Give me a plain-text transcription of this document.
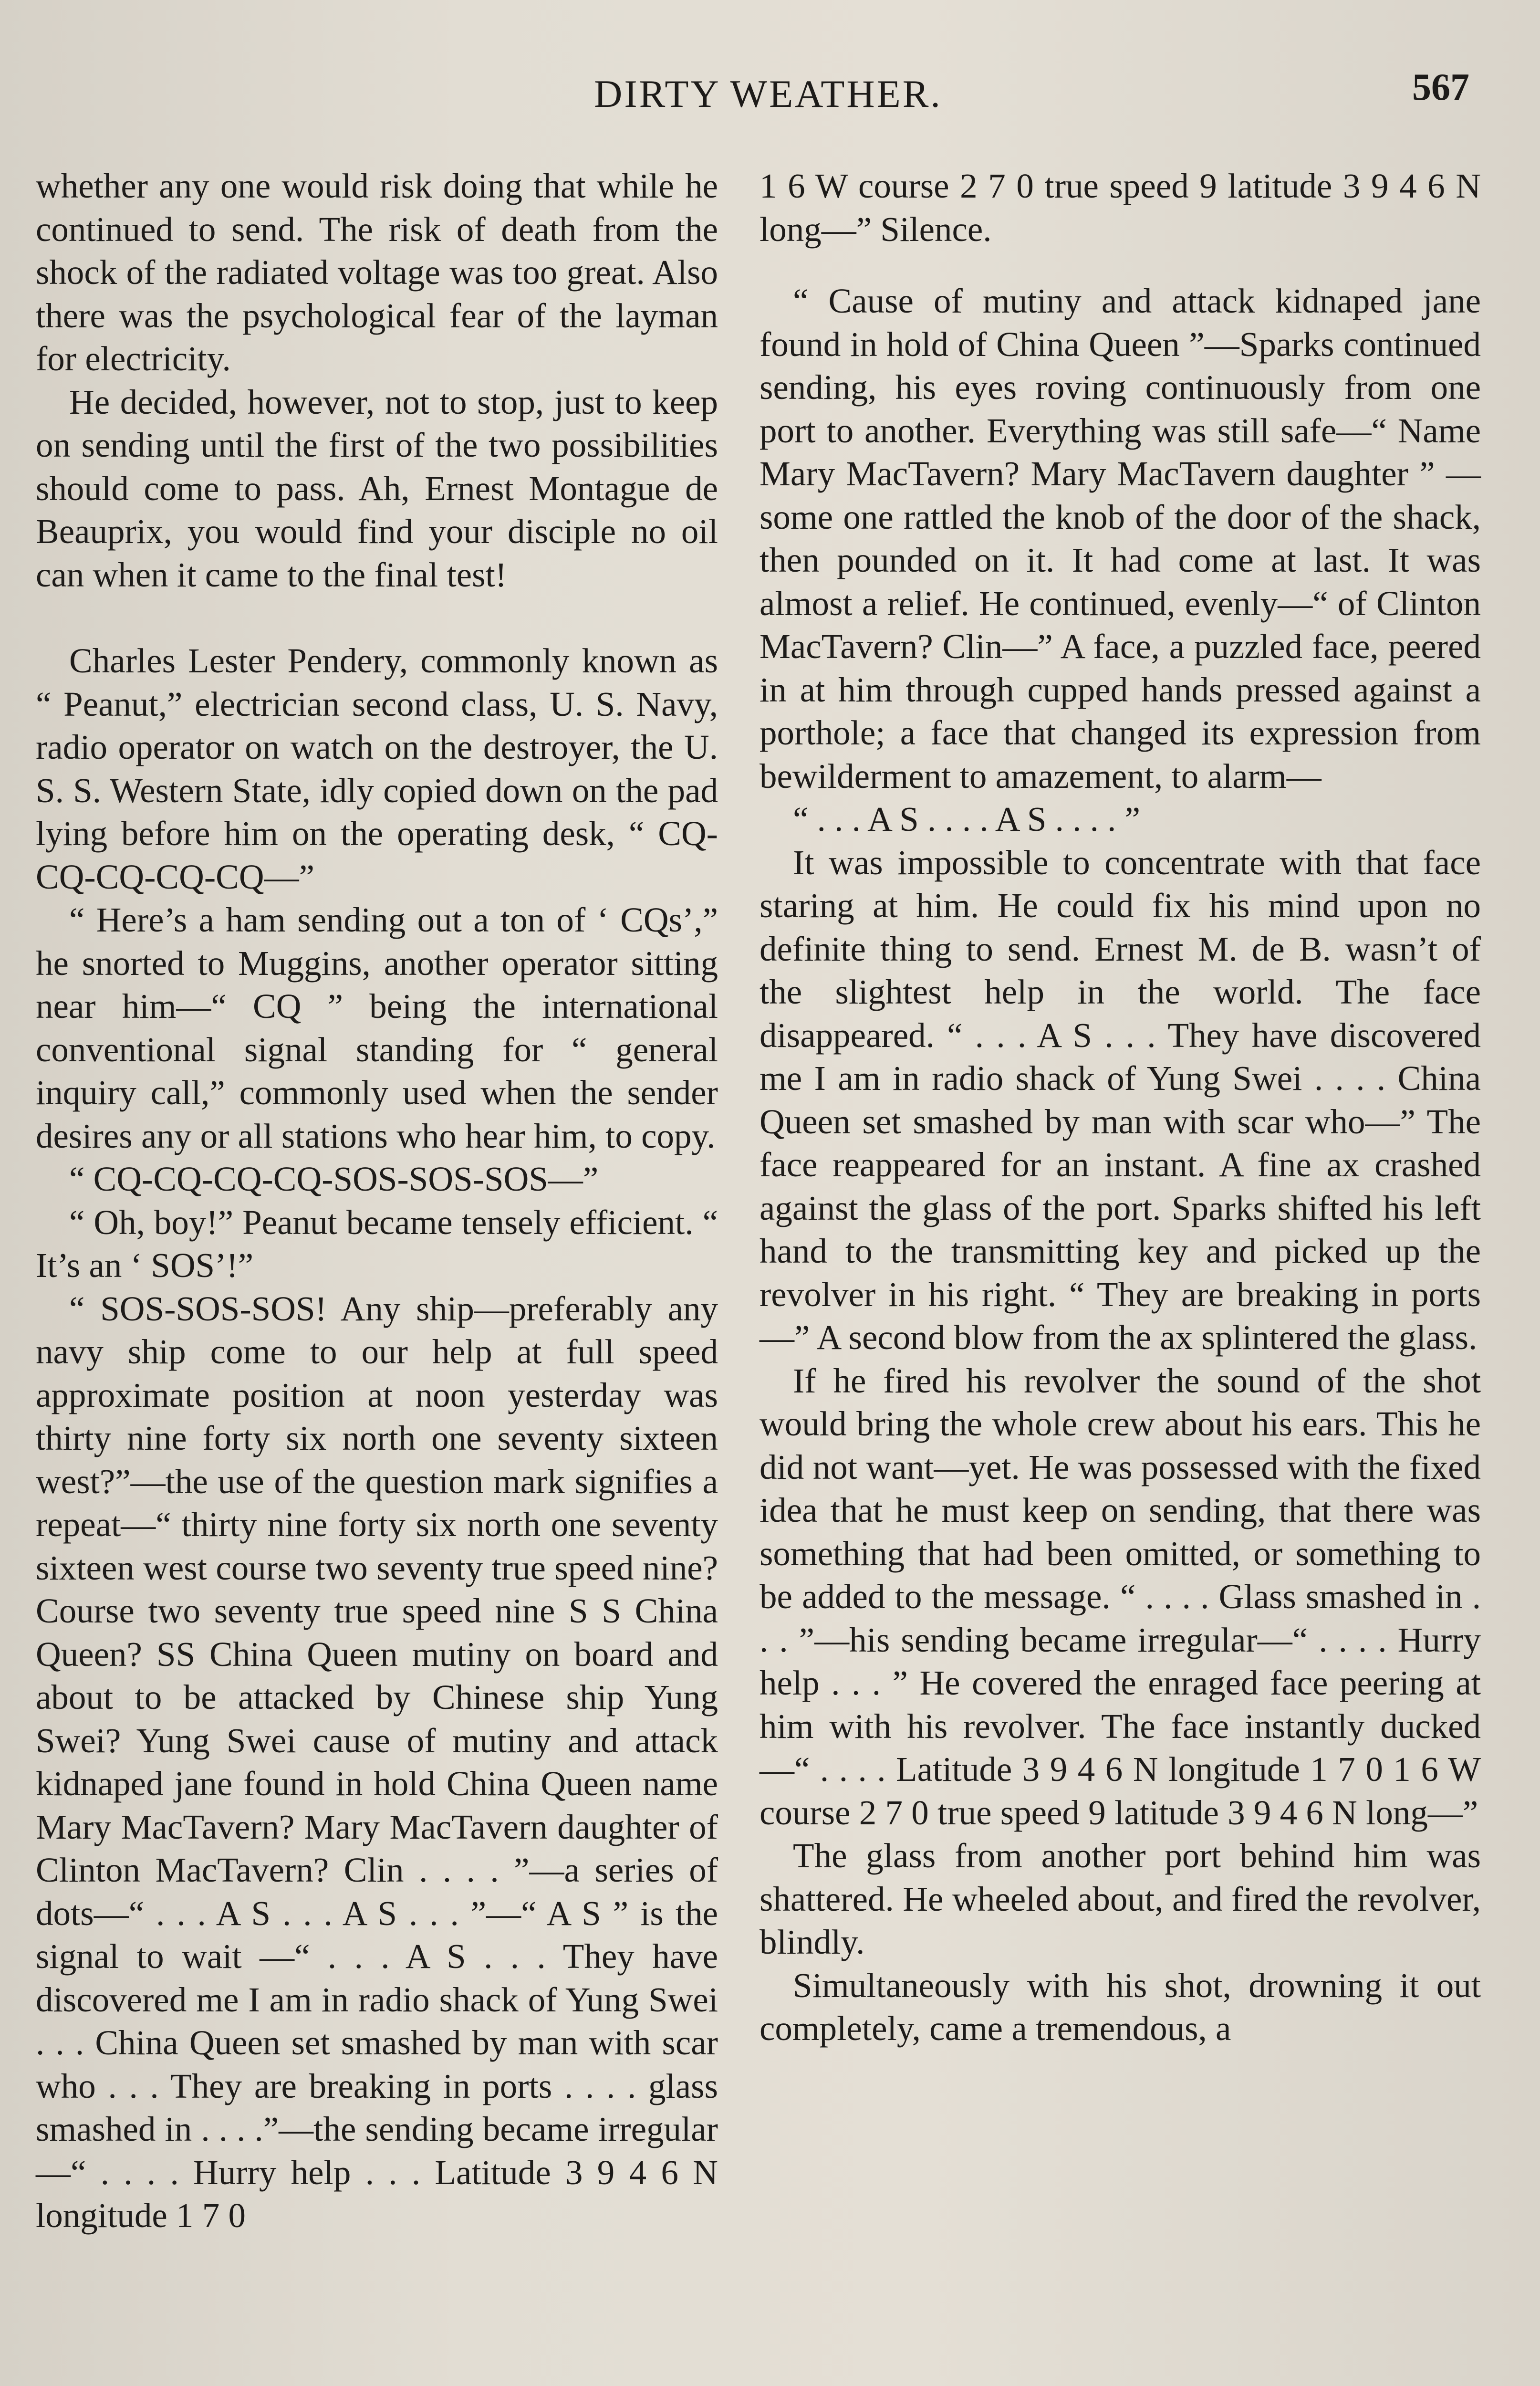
DIRTY WEATHER.	567

whether any one would risk doing that while he continued to send. The risk of death from the shock of the radiated voltage was too great. Also there was the psychological fear of the layman for electricity.

He decided, however, not to stop, just to keep on sending until the first of the two possibilities should come to pass. Ah, Ernest Montague de Beauprix, you would find your disciple no oil can when it came to the final test!

Charles Lester Pendery, commonly known as “ Peanut,” electrician second class, U. S. Navy, radio operator on watch on the destroyer, the U. S. S. Western State, idly copied down on the pad lying before him on the operating desk, “ CQ-CQ-CQ-CQ-CQ—”

“ Here’s a ham sending out a ton of ‘ CQs’,” he snorted to Muggins, another operator sitting near him—“ CQ ” being the international conventional signal standing for “ general inquiry call,” commonly used when the sender desires any or all stations who hear him, to copy.

“ CQ-CQ-CQ-CQ-SOS-SOS-SOS—”

“ Oh, boy!” Peanut became tensely efficient. “ It’s an ‘ SOS’!”

“ SOS-SOS-SOS! Any ship—preferably any navy ship come to our help at full speed approximate position at noon yesterday was thirty nine forty six north one seventy sixteen west?”—the use of the question mark signifies a repeat—“ thirty nine forty six north one seventy sixteen west course two seventy true speed nine? Course two seventy true speed nine S S China Queen? SS China Queen mutiny on board and about to be attacked by Chinese ship Yung Swei? Yung Swei cause of mutiny and attack kidnaped jane found in hold China Queen name Mary MacTavern? Mary MacTavern daughter of Clinton MacTavern? Clin . . . . ”—a series of dots—“ . . . A S . . . A S . . . ”—“ A S ” is the signal to wait —“ . . . A S . . . They have discovered me I am in radio shack of Yung Swei . . . China Queen set smashed by man with scar who . . . They are breaking in ports . . . . glass smashed in . . . .”—the sending became irregular—“ . . . . Hurry help . . . Latitude 3 9 4 6 N longitude 1 7 0

1 6 W course 2 7 0 true speed 9 latitude 3 9 4 6 N long—” Silence.

“ Cause of mutiny and attack kidnaped jane found in hold of China Queen ”—Sparks continued sending, his eyes roving continuously from one port to another. Everything was still safe—“ Name Mary MacTavern? Mary MacTavern daughter ” —some one rattled the knob of the door of the shack, then pounded on it. It had come at last. It was almost a relief. He continued, evenly—“ of Clinton MacTavern? Clin—” A face, a puzzled face, peered in at him through cupped hands pressed against a porthole; a face that changed its expression from bewilderment to amazement, to alarm—

“ . . . A S . . . . A S . . . . ”

It was impossible to concentrate with that face staring at him. He could fix his mind upon no definite thing to send. Ernest M. de B. wasn’t of the slightest help in the world. The face disappeared. “ . . . A S . . . They have discovered me I am in radio shack of Yung Swei . . . . China Queen set smashed by man with scar who—” The face reappeared for an instant. A fine ax crashed against the glass of the port. Sparks shifted his left hand to the transmitting key and picked up the revolver in his right. “ They are breaking in ports—” A second blow from the ax splintered the glass.

If he fired his revolver the sound of the shot would bring the whole crew about his ears. This he did not want—yet. He was possessed with the fixed idea that he must keep on sending, that there was something that had been omitted, or something to be added to the message. “ . . . . Glass smashed in . . . ”—his sending became irregular—“ . . . . Hurry help . . . ” He covered the enraged face peering at him with his revolver. The face instantly ducked—“ . . . . Latitude 3 9 4 6 N longitude 1 7 0 1 6 W course 2 7 0 true speed 9 latitude 3 9 4 6 N long—”

The glass from another port behind him was shattered. He wheeled about, and fired the revolver, blindly.

Simultaneously with his shot, drowning it out completely, came a tremendous, a
